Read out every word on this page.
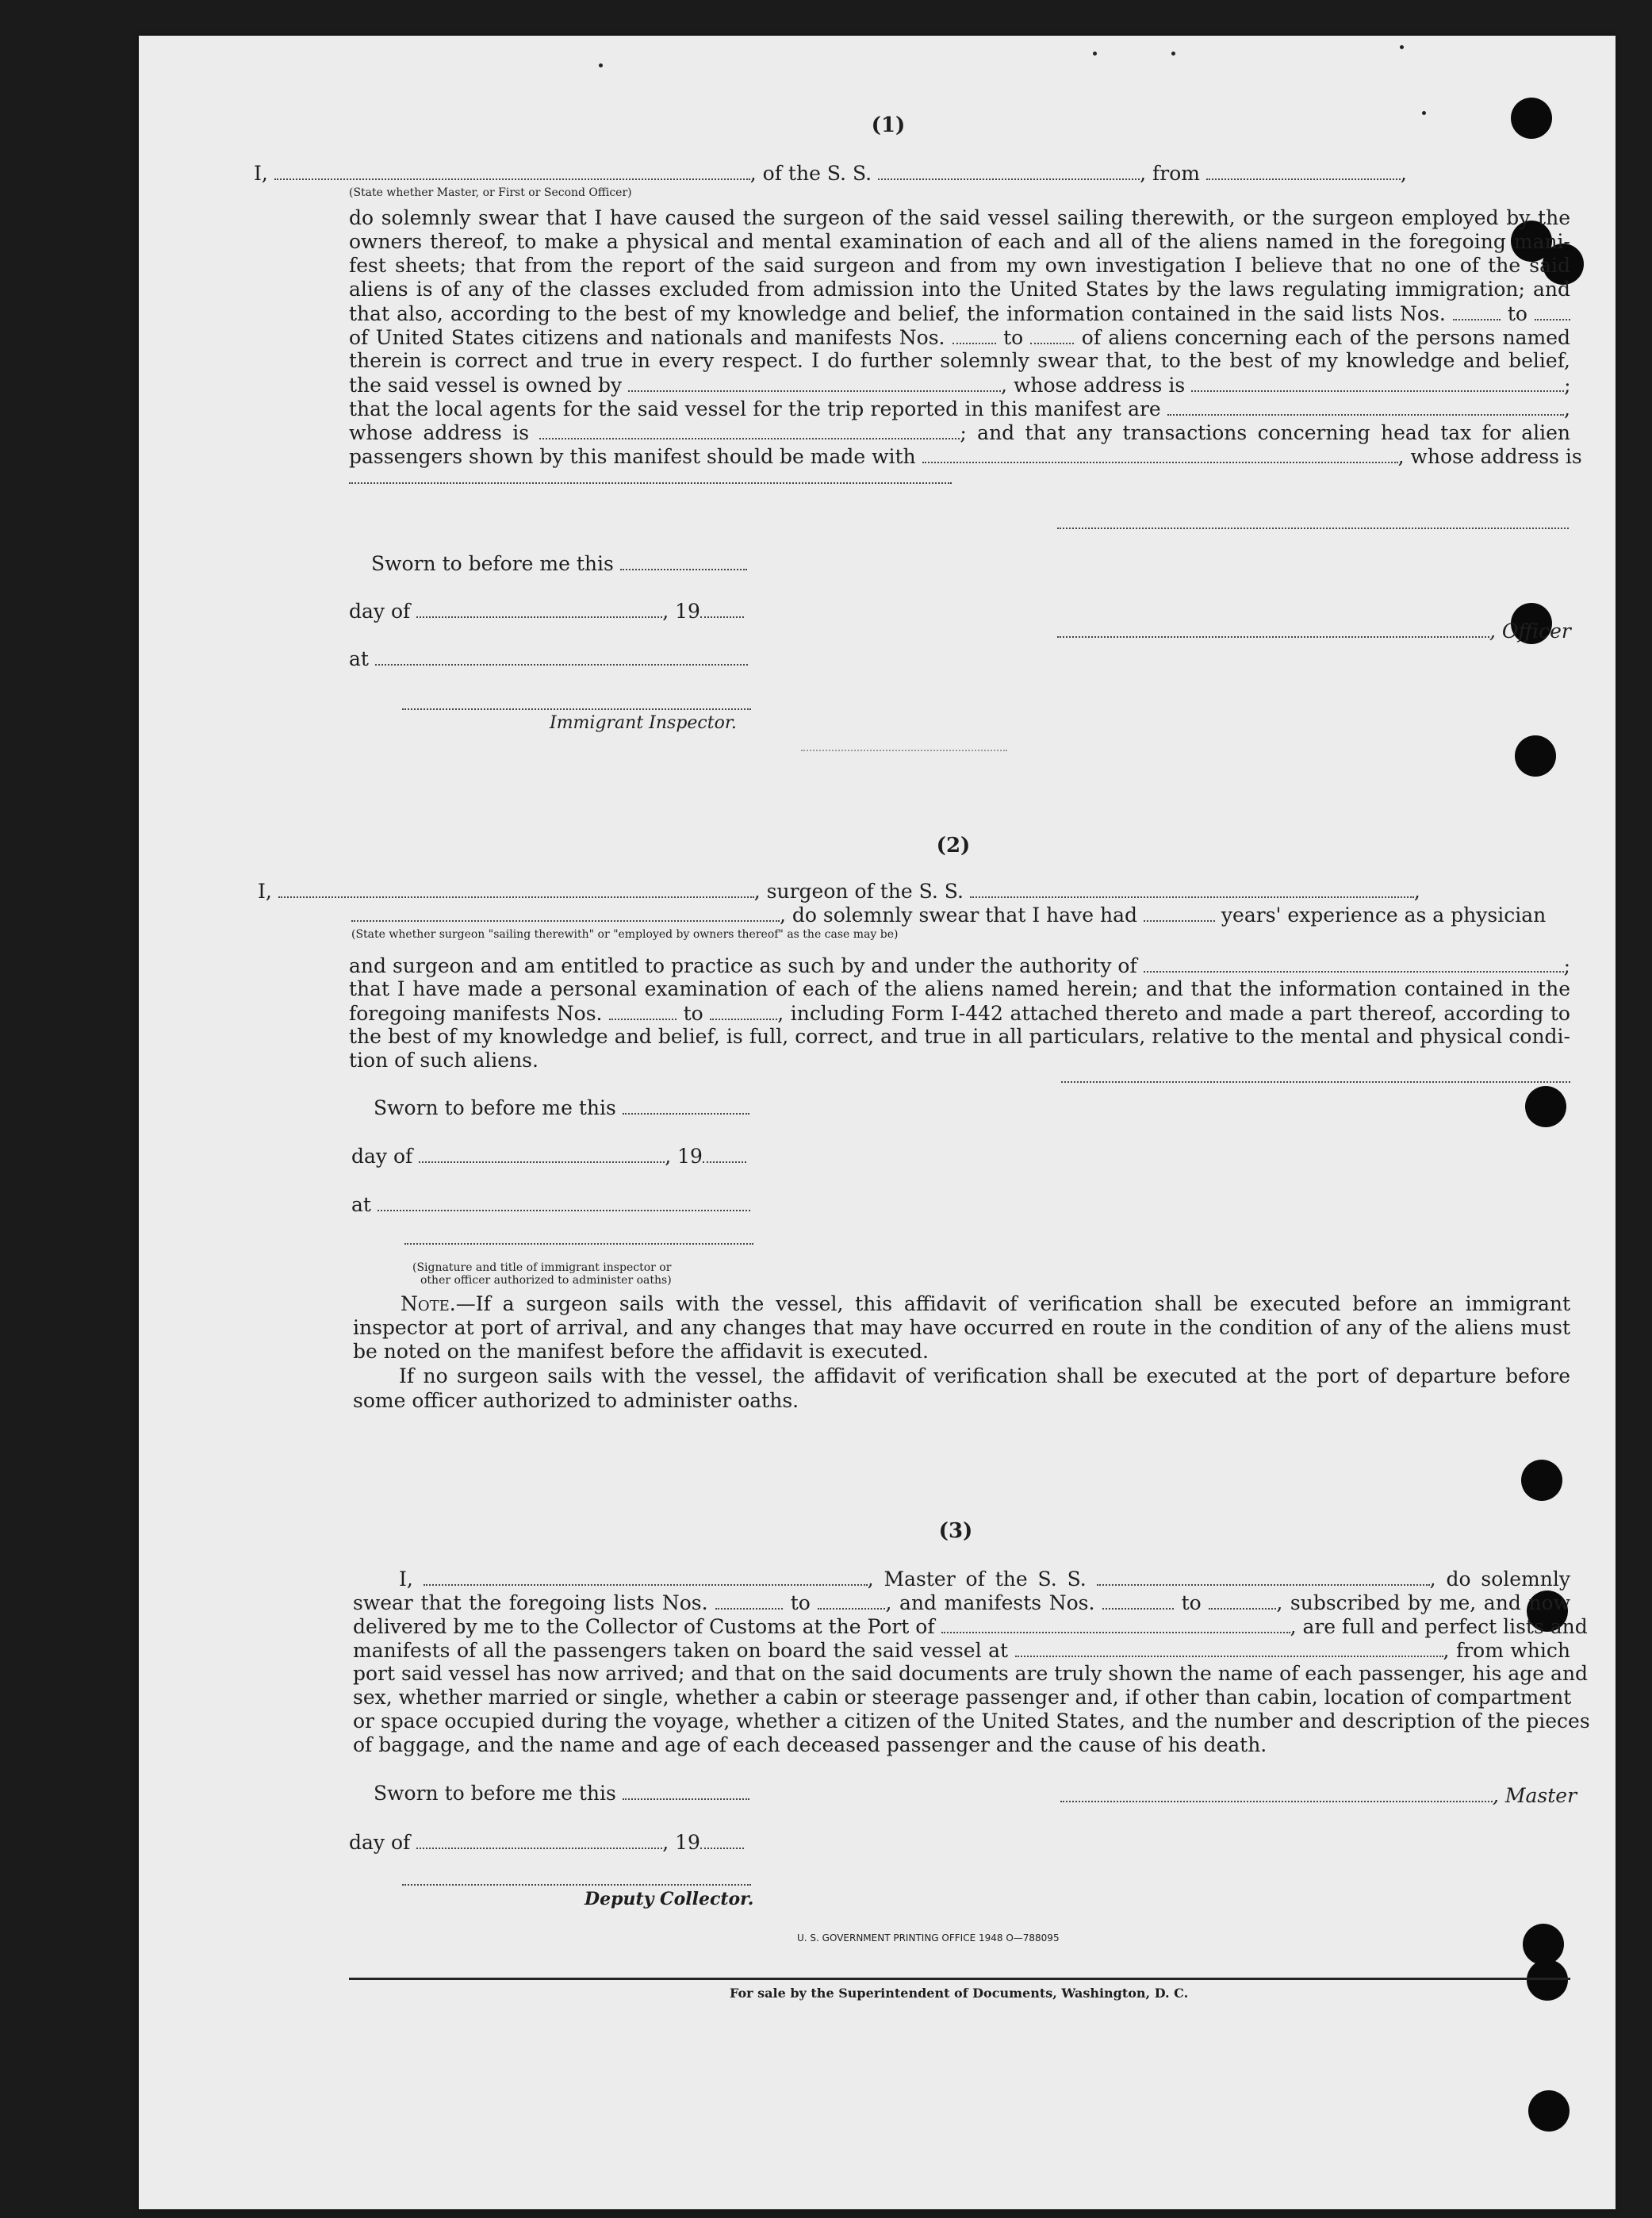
(1)
I,	, of the S. S.	, from	,
(State whether Master, or First or Second Officer)
do solemnly swear that I have caused the surgeon of the said vessel sailing therewith, or the surgeon employed by the
owners thereof, to make a physical and mental examination of each and all of the aliens named in the foregoing mani-
fest sheets; that from the report of the said surgeon and from my own investigation I believe that no one of the said
aliens is of any of the classes excluded from admission into the United States by the laws regulating immigration; and
that also, according to the best of my knowledge and belief, the information contained in the said lists Nos.	to
of United States citizens and nationals and manifests Nos.	to	of aliens concerning each of the persons named
therein is correct and true in every respect. I do further solemnly swear that, to the best of my knowledge and belief,
the said vessel is owned by	, whose address is	;
that the local agents for the said vessel for the trip reported in this manifest are	,
whose address is	; and that any transactions concerning head tax for alien
passengers shown by this manifest should be made with	, whose address is
Sworn to before me this
day of	, 19
, Officer
at
Immigrant Inspector.
(2)
I,	, surgeon of the S. S.	,
, do solemnly swear that I have had	years' experience as a physician
(State whether surgeon "sailing therewith" or "employed by owners thereof" as the case may be)
and surgeon and am entitled to practice as such by and under the authority of	;
that I have made a personal examination of each of the aliens named herein; and that the information contained in the
foregoing manifests Nos.	to	, including Form I-442 attached thereto and made a part thereof, according to
the best of my knowledge and belief, is full, correct, and true in all particulars, relative to the mental and physical condi-
tion of such aliens.
Sworn to before me this
day of	, 19
at
(Signature and title of immigrant inspector or
other officer authorized to administer oaths)
Note.—If a surgeon sails with the vessel, this affidavit of verification shall be executed before an immigrant
inspector at port of arrival, and any changes that may have occurred en route in the condition of any of the aliens must
be noted on the manifest before the affidavit is executed.
If no surgeon sails with the vessel, the affidavit of verification shall be executed at the port of departure before
some officer authorized to administer oaths.
(3)
I,	, Master of the S. S.	, do solemnly
swear that the foregoing lists Nos.	to	, and manifests Nos.	to	, subscribed by me, and now
delivered by me to the Collector of Customs at the Port of	, are full and perfect lists and
manifests of all the passengers taken on board the said vessel at	, from which
port said vessel has now arrived; and that on the said documents are truly shown the name of each passenger, his age and
sex, whether married or single, whether a cabin or steerage passenger and, if other than cabin, location of compartment
or space occupied during the voyage, whether a citizen of the United States, and the number and description of the pieces
of baggage, and the name and age of each deceased passenger and the cause of his death.
Sworn to before me this	, Master
day of	, 19
Deputy Collector.
U. S. GOVERNMENT PRINTING OFFICE 1948 O—788095
For sale by the Superintendent of Documents, Washington, D. C.
